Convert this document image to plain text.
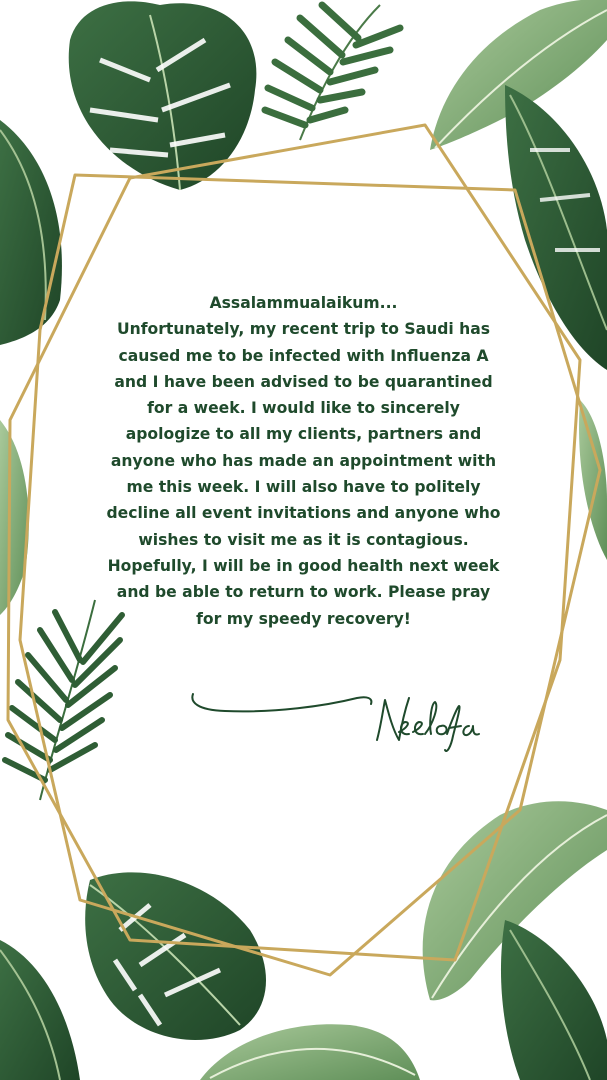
Assalammualaikum...
Unfortunately, my recent trip to Saudi has
caused me to be infected with Influenza A
and I have been advised to be quarantined
for a week. I would like to sincerely
apologize to all my clients, partners and
anyone who has made an appointment with
me this week. I will also have to politely
decline all event invitations and anyone who
wishes to visit me as it is contagious.
Hopefully, I will be in good health next week
and be able to return to work. Please pray
for my speedy recovery!
